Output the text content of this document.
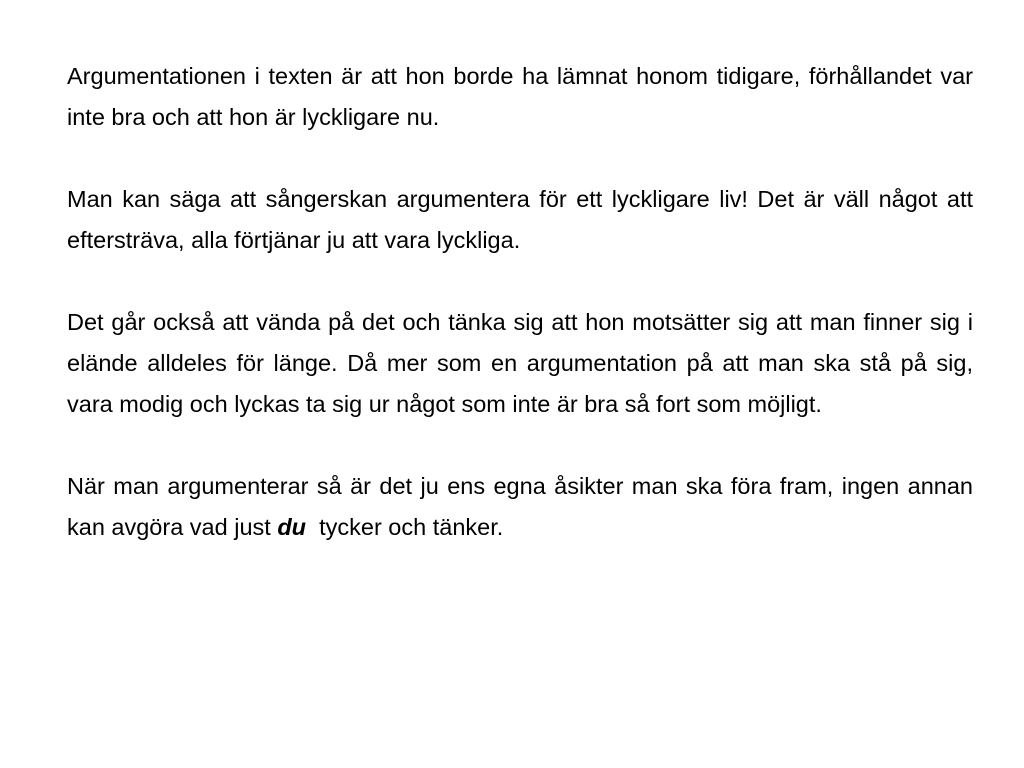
Argumentationen i texten är att hon borde ha lämnat honom tidigare, förhållandet var inte bra och att hon är lyckligare nu.

Man kan säga att sångerskan argumentera för ett lyckligare liv! Det är väll något att eftersträva, alla förtjänar ju att vara lyckliga.

Det går också att vända på det och tänka sig att hon motsätter sig att man finner sig i elände alldeles för länge. Då mer som en argumentation på att man ska stå på sig, vara modig och lyckas ta sig ur något som inte är bra så fort som möjligt.

När man argumenterar så är det ju ens egna åsikter man ska föra fram, ingen annan kan avgöra vad just du  tycker och tänker.
